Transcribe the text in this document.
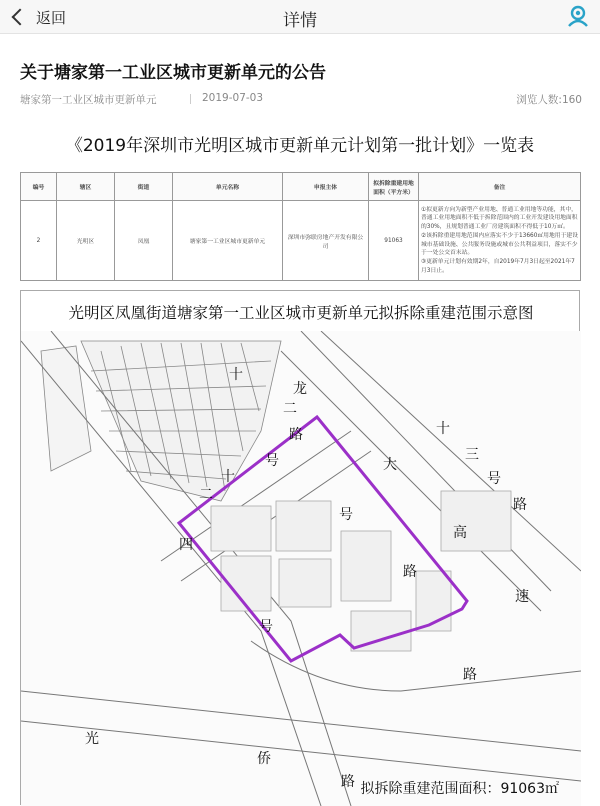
返回	详情
关于塘家第一工业区城市更新单元的公告
塘家第一工业区城市更新单元	2019-07-03	浏览人数:160
《2019年深圳市光明区城市更新单元计划第一批计划》一览表
编号	辖区	街道	单元名称	申报主体	拟拆除重建用地面积（平方米）	备注
2	光明区	凤凰	塘家第一工业区城市更新单元	深圳市弥联房地产开发有限公司	91063	①拟更新方向为新型产业用地、普通工业用地等功能，其中，普通工业用地面积不低于拆除范围内的工业开发建设用地面积的30%，且规划普通工业厂房建筑面积不得低于10万㎡。
②该拆除重建用地范围内应落实不少于13660㎡用地用于建设城市基础设施、公共服务设施或城市公共利益项目，落实不少于一处公交首末站。
③更新单元计划有效期2年，自2019年7月3日起至2021年7月3日止。
光明区凤凰街道塘家第一工业区城市更新单元拟拆除重建范围示意图
龙
大
高
速
十
三
号
路
二
路
号
号
路
十
十
二
四
号
路
光
侨
路 拟拆除重建范围面积：91063㎡
